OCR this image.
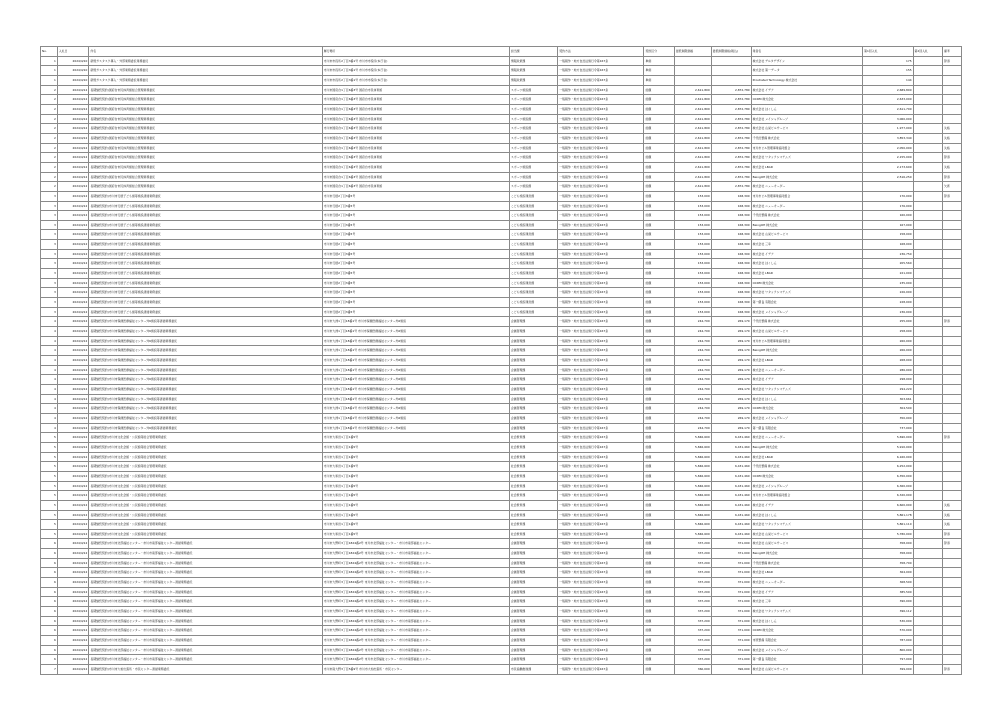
No.	入札日	件名	履行場所	担当課	契約方法	契約区分	最低制限価格	最低制限価格(税込)	業者名	第1回入札	第2回入札	備考
1	2024/4/10	新規ガスタスク導入・外部業務委託業務委託	市川市市役所2丁目3番1号 市川市市役所(本庁舎)	情報政策課	一般競争・地方自治法施行令第167条	単価			株式会社 デルタデザイン	175		辞退
1	2024/4/10	新規ガスタスク導入・外部業務委託業務委託	市川市市役所2丁目3番1号 市川市市役所(本庁舎)	情報政策課	一般競争・地方自治法施行令第167条	単価			株式会社 第一データ	155		
1	2024/4/10	新規ガスタスク導入・外部業務委託業務委託	市川市市役所2丁目3番1号 市川市市役所(本庁舎)	情報政策課	一般競争・地方自治法施行令第167条	単価			Prostrated Technology 株式会社	144		
2	2024/4/12	長期継続契約)国府台市民体育館総合管理業務委託	市川市国府台1丁目6番3号 国府台市民体育館	スポーツ施設課	一般競争・地方自治法施行令第167条	総額	2,611,800	2,872,780	株式会社 イデア	2,689,800		
2	2024/4/12	長期継続契約)国府台市民体育館総合管理業務委託	市川市国府台1丁目6番3号 国府台市民体育館	スポーツ施設課	一般競争・地方自治法施行令第167条	総額	2,611,800	2,872,780	OCRM 株式会社	2,633,000		
2	2024/4/12	長期継続契約)国府台市民体育館総合管理業務委託	市川市国府台1丁目6番3号 国府台市民体育館	スポーツ施設課	一般競争・地方自治法施行令第167条	総額	2,611,800	2,872,780	株式会社 ほくしん	2,611,700		
2	2024/4/12	長期継続契約)国府台市民体育館総合管理業務委託	市川市国府台1丁目6番3号 国府台市民体育館	スポーツ施設課	一般競争・地方自治法施行令第167条	総額	2,611,800	2,872,780	株式会社 メイシャグループ	3,060,000		
2	2024/4/12	長期継続契約)国府台市民体育館総合管理業務委託	市川市国府台1丁目6番3号 国府台市民体育館	スポーツ施設課	一般競争・地方自治法施行令第167条	総額	2,611,800	2,872,780	株式会社 山栄ビルサービス	1,977,000		失格
2	2024/4/12	長期継続契約)国府台市民体育館総合管理業務委託	市川市国府台1丁目6番3号 国府台市民体育館	スポーツ施設課	一般競争・地方自治法施行令第167条	総額	2,611,800	2,872,780	千代田整備 株式会社	3,853,340		失格
2	2024/4/12	長期継続契約)国府台市民体育館総合管理業務委託	市川市国府台1丁目6番3号 国府台市民体育館	スポーツ施設課	一般競争・地方自治法施行令第167条	総額	2,611,800	2,872,780	市川市ビル管理事業協同組合	2,050,000		失格
2	2024/4/12	長期継続契約)国府台市民体育館総合管理業務委託	市川市国府台1丁目6番3号 国府台市民体育館	スポーツ施設課	一般競争・地方自治法施行令第167条	総額	2,611,800	2,872,780	株式会社 ワタックシステムズ	2,155,000		辞退
2	2024/4/12	長期継続契約)国府台市民体育館総合管理業務委託	市川市国府台1丁目6番3号 国府台市民体育館	スポーツ施設課	一般競争・地方自治法施行令第167条	総額	2,611,800	2,872,780	株式会社 LBAD	2,173,600		失格
2	2024/4/12	長期継続契約)国府台市民体育館総合管理業務委託	市川市国府台1丁目6番3号 国府台市民体育館	スポーツ施設課	一般競争・地方自治法施行令第167条	総額	2,611,800	2,872,780	BeingOH 株式会社	2,516,250		辞退
2	2024/4/12	長期継続契約)国府台市民体育館総合管理業務委託	市川市国府台1丁目6番3号 国府台市民体育館	スポーツ施設課	一般競争・地方自治法施行令第167条	総額	2,611,800	2,872,780	株式会社 ニューオーダー			欠席
3	2024/4/12	長期継続契約)市川市行徳子ども館等施設清掃業務委託	市川市行徳2丁目3番5号	こども施設運営課	一般競争・地方自治法施行令第167条	総額	153,000	168,300	市川市ビル管理事業協同組合	170,000		辞退
3	2024/4/12	長期継続契約)市川市行徳子ども館等施設清掃業務委託	市川市行徳2丁目3番5号	こども施設運営課	一般競争・地方自治法施行令第167条	総額	153,000	168,300	株式会社 ニューオーダー	176,000		
3	2024/4/12	長期継続契約)市川市行徳子ども館等施設清掃業務委託	市川市行徳2丁目3番5号	こども施設運営課	一般競争・地方自治法施行令第167条	総額	153,000	168,300	千代田整備 株式会社	160,000		
3	2024/4/12	長期継続契約)市川市行徳子ども館等施設清掃業務委託	市川市行徳2丁目3番5号	こども施設運営課	一般競争・地方自治法施行令第167条	総額	153,000	168,300	BeingOH 株式会社	167,000		
3	2024/4/12	長期継続契約)市川市行徳子ども館等施設清掃業務委託	市川市行徳2丁目3番5号	こども施設運営課	一般競争・地方自治法施行令第167条	総額	153,000	168,300	株式会社 山栄ビルサービス	158,000		
3	2024/4/12	長期継続契約)市川市行徳子ども館等施設清掃業務委託	市川市行徳2丁目3番5号	こども施設運営課	一般競争・地方自治法施行令第167条	総額	153,000	168,300	株式会社 三幸	168,000		
3	2024/4/12	長期継続契約)市川市行徳子ども館等施設清掃業務委託	市川市行徳2丁目3番5号	こども施設運営課	一般競争・地方自治法施行令第167条	総額	153,000	168,300	株式会社 イデア	236,750		
3	2024/4/12	長期継続契約)市川市行徳子ども館等施設清掃業務委託	市川市行徳2丁目3番5号	こども施設運営課	一般競争・地方自治法施行令第167条	総額	153,000	168,300	株式会社 ほくしん	205,560		
3	2024/4/12	長期継続契約)市川市行徳子ども館等施設清掃業務委託	市川市行徳2丁目3番5号	こども施設運営課	一般競争・地方自治法施行令第167条	総額	153,000	168,300	株式会社 LBAD	221,000		
3	2024/4/12	長期継続契約)市川市行徳子ども館等施設清掃業務委託	市川市行徳2丁目3番5号	こども施設運営課	一般競争・地方自治法施行令第167条	総額	153,000	168,300	OCRM 株式会社	235,000		
3	2024/4/12	長期継続契約)市川市行徳子ども館等施設清掃業務委託	市川市行徳2丁目3番5号	こども施設運営課	一般競争・地方自治法施行令第167条	総額	153,000	168,300	株式会社 ワタックシステムズ	226,000		
3	2024/4/12	長期継続契約)市川市行徳子ども館等施設清掃業務委託	市川市行徳2丁目3番5号	こども施設運営課	一般競争・地方自治法施行令第167条	総額	153,000	168,300	第一優良 有限会社	228,000		
3	2024/4/12	長期継続契約)市川市行徳子ども館等施設清掃業務委託	市川市行徳2丁目3番5号	こども施設運営課	一般競争・地方自治法施行令第167条	総額	153,000	168,300	株式会社 メイシャグループ	236,000		
4	2024/4/12	長期継続契約)市川市保健医療福祉センター外6施設等清掃業務委託	市川市大洲1丁目18番1号 市川市保健医療福祉センター外6施設	企画管理課	一般競争・地方自治法施行令第167条	総額	244,700	269,170	千代田整備 株式会社	255,000		辞退
4	2024/4/12	長期継続契約)市川市保健医療福祉センター外6施設等清掃業務委託	市川市大洲1丁目18番1号 市川市保健医療福祉センター外6施設	企画管理課	一般競争・地方自治法施行令第167条	総額	244,700	269,170	株式会社 山栄ビルサービス	258,000		
4	2024/4/12	長期継続契約)市川市保健医療福祉センター外6施設等清掃業務委託	市川市大洲1丁目18番1号 市川市保健医療福祉センター外6施設	企画管理課	一般競争・地方自治法施行令第167条	総額	244,700	269,170	市川市ビル管理事業協同組合	260,000		
4	2024/4/12	長期継続契約)市川市保健医療福祉センター外6施設等清掃業務委託	市川市大洲1丁目18番1号 市川市保健医療福祉センター外6施設	企画管理課	一般競争・地方自治法施行令第167条	総額	244,700	269,170	BeingOH 株式会社	266,000		
4	2024/4/12	長期継続契約)市川市保健医療福祉センター外6施設等清掃業務委託	市川市大洲1丁目18番1号 市川市保健医療福祉センター外6施設	企画管理課	一般競争・地方自治法施行令第167条	総額	244,700	269,170	株式会社 LBAD	268,000		
4	2024/4/12	長期継続契約)市川市保健医療福祉センター外6施設等清掃業務委託	市川市大洲1丁目18番1号 市川市保健医療福祉センター外6施設	企画管理課	一般競争・地方自治法施行令第167条	総額	244,700	269,170	株式会社 ニューオーダー	286,000		
4	2024/4/12	長期継続契約)市川市保健医療福祉センター外6施設等清掃業務委託	市川市大洲1丁目18番1号 市川市保健医療福祉センター外6施設	企画管理課	一般競争・地方自治法施行令第167条	総額	244,700	269,170	株式会社 イデア	298,000		
4	2024/4/12	長期継続契約)市川市保健医療福祉センター外6施設等清掃業務委託	市川市大洲1丁目18番1号 市川市保健医療福祉センター外6施設	企画管理課	一般競争・地方自治法施行令第167条	総額	244,700	269,170	株式会社 ワタックシステムズ	294,220		
4	2024/4/12	長期継続契約)市川市保健医療福祉センター外6施設等清掃業務委託	市川市大洲1丁目18番1号 市川市保健医療福祉センター外6施設	企画管理課	一般競争・地方自治法施行令第167条	総額	244,700	269,170	株式会社 ほくしん	303,661		
4	2024/4/12	長期継続契約)市川市保健医療福祉センター外6施設等清掃業務委託	市川市大洲1丁目18番1号 市川市保健医療福祉センター外6施設	企画管理課	一般競争・地方自治法施行令第167条	総額	244,700	269,170	OCRM 株式会社	304,500		
4	2024/4/12	長期継続契約)市川市保健医療福祉センター外6施設等清掃業務委託	市川市大洲1丁目18番1号 市川市保健医療福祉センター外6施設	企画管理課	一般競争・地方自治法施行令第167条	総額	244,700	269,170	株式会社 メイシャグループ	350,000		
4	2024/4/12	長期継続契約)市川市保健医療福祉センター外6施設等清掃業務委託	市川市大洲1丁目18番1号 市川市保健医療福祉センター外6施設	企画管理課	一般競争・地方自治法施行令第167条	総額	244,700	269,170	第一優良 有限会社	737,000		
5	2024/4/12	長期継続契約)市川市文化会館・公民館等総合管理業務委託	市川市大和田1丁目1番5号	社会教育課	一般競争・地方自治法施行令第167条	総額	5,846,600	6,431,460	株式会社 ニューオーダー	5,690,000		辞退
5	2024/4/12	長期継続契約)市川市文化会館・公民館等総合管理業務委託	市川市大和田1丁目1番5号	社会教育課	一般競争・地方自治法施行令第167条	総額	5,846,600	6,431,460	BeingOH 株式会社	5,910,000		
5	2024/4/12	長期継続契約)市川市文化会館・公民館等総合管理業務委託	市川市大和田1丁目1番5号	社会教育課	一般競争・地方自治法施行令第167条	総額	5,846,600	6,431,460	株式会社 LBAD	6,160,000		
5	2024/4/12	長期継続契約)市川市文化会館・公民館等総合管理業務委託	市川市大和田1丁目1番5号	社会教育課	一般競争・地方自治法施行令第167条	総額	5,846,600	6,431,460	千代田整備 株式会社	6,252,000		
5	2024/4/12	長期継続契約)市川市文化会館・公民館等総合管理業務委託	市川市大和田1丁目1番5号	社会教育課	一般競争・地方自治法施行令第167条	総額	5,846,600	6,431,460	OCRM 株式会社	6,350,000		
5	2024/4/12	長期継続契約)市川市文化会館・公民館等総合管理業務委託	市川市大和田1丁目1番5号	社会教育課	一般競争・地方自治法施行令第167条	総額	5,846,600	6,431,460	株式会社 メイシャグループ	6,360,000		
5	2024/4/12	長期継続契約)市川市文化会館・公民館等総合管理業務委託	市川市大和田1丁目1番5号	社会教育課	一般競争・地方自治法施行令第167条	総額	5,846,600	6,431,460	市川市ビル管理事業協同組合	6,320,000		
5	2024/4/12	長期継続契約)市川市文化会館・公民館等総合管理業務委託	市川市大和田1丁目1番5号	社会教育課	一般競争・地方自治法施行令第167条	総額	5,846,600	6,431,460	株式会社 イデア	6,600,000		失格
5	2024/4/12	長期継続契約)市川市文化会館・公民館等総合管理業務委託	市川市大和田1丁目1番5号	社会教育課	一般競争・地方自治法施行令第167条	総額	5,846,600	6,431,460	株式会社 ほくしん	5,861,178		失格
5	2024/4/12	長期継続契約)市川市文化会館・公民館等総合管理業務委託	市川市大和田1丁目1番5号	社会教育課	一般競争・地方自治法施行令第167条	総額	5,846,600	6,431,460	株式会社 ワタックシステムズ	5,861,110		失格
5	2024/4/12	長期継続契約)市川市文化会館・公民館等総合管理業務委託	市川市大和田1丁目1番5号	社会教育課	一般競争・地方自治法施行令第167条	総額	5,846,600	6,431,460	株式会社 山栄ビルサービス	5,780,000		辞退
6	2024/4/12	長期継続契約)市川市北部福祉センター・市川市南部福祉センター清掃業務委託	市川市大野町3丁目1824番2号 市川市北部福祉センター・市川市南部福祉センター	企画管理課	一般競争・地方自治法施行令第167条	総額	337,200	371,000	株式会社 山栄ビルサービス	358,000		辞退
6	2024/4/12	長期継続契約)市川市北部福祉センター・市川市南部福祉センター清掃業務委託	市川市大野町3丁目1824番2号 市川市北部福祉センター・市川市南部福祉センター	企画管理課	一般競争・地方自治法施行令第167条	総額	337,200	371,000	BeingOH 株式会社	358,000		
6	2024/4/12	長期継続契約)市川市北部福祉センター・市川市南部福祉センター清掃業務委託	市川市大野町3丁目1824番2号 市川市北部福祉センター・市川市南部福祉センター	企画管理課	一般競争・地方自治法施行令第167条	総額	337,200	371,000	千代田整備 株式会社	358,700		
6	2024/4/12	長期継続契約)市川市北部福祉センター・市川市南部福祉センター清掃業務委託	市川市大野町3丁目1824番2号 市川市北部福祉センター・市川市南部福祉センター	企画管理課	一般競争・地方自治法施行令第167条	総額	337,200	371,000	株式会社 LBAD	364,000		
6	2024/4/12	長期継続契約)市川市北部福祉センター・市川市南部福祉センター清掃業務委託	市川市大野町3丁目1824番2号 市川市北部福祉センター・市川市南部福祉センター	企画管理課	一般競争・地方自治法施行令第167条	総額	337,200	371,000	株式会社 ニューオーダー	368,500		
6	2024/4/12	長期継続契約)市川市北部福祉センター・市川市南部福祉センター清掃業務委託	市川市大野町3丁目1824番2号 市川市北部福祉センター・市川市南部福祉センター	企画管理課	一般競争・地方自治法施行令第167条	総額	337,200	371,000	株式会社 イデア	385,500		
6	2024/4/12	長期継続契約)市川市北部福祉センター・市川市南部福祉センター清掃業務委託	市川市大野町3丁目1824番2号 市川市北部福祉センター・市川市南部福祉センター	企画管理課	一般競争・地方自治法施行令第167条	総額	337,200	371,000	株式会社 三幸	390,000		
6	2024/4/12	長期継続契約)市川市北部福祉センター・市川市南部福祉センター清掃業務委託	市川市大野町3丁目1824番2号 市川市北部福祉センター・市川市南部福祉センター	企画管理課	一般競争・地方自治法施行令第167条	総額	337,200	371,000	株式会社 ワタックシステムズ	396,112		
6	2024/4/12	長期継続契約)市川市北部福祉センター・市川市南部福祉センター清掃業務委託	市川市大野町3丁目1824番2号 市川市北部福祉センター・市川市南部福祉センター	企画管理課	一般競争・地方自治法施行令第167条	総額	337,200	371,000	株式会社 ほくしん	530,000		
6	2024/4/12	長期継続契約)市川市北部福祉センター・市川市南部福祉センター清掃業務委託	市川市大野町3丁目1824番2号 市川市北部福祉センター・市川市南部福祉センター	企画管理課	一般競争・地方自治法施行令第167条	総額	337,200	371,000	OCRM 株式会社	570,000		
6	2024/4/12	長期継続契約)市川市北部福祉センター・市川市南部福祉センター清掃業務委託	市川市大野町3丁目1824番2号 市川市北部福祉センター・市川市南部福祉センター	企画管理課	一般競争・地方自治法施行令第167条	総額	337,200	371,000	市原整備 有限会社	787,000		
6	2024/4/12	長期継続契約)市川市北部福祉センター・市川市南部福祉センター清掃業務委託	市川市大野町3丁目1824番2号 市川市北部福祉センター・市川市南部福祉センター	企画管理課	一般競争・地方自治法施行令第167条	総額	337,200	371,000	株式会社 メイシャグループ	800,000		
6	2024/4/12	長期継続契約)市川市北部福祉センター・市川市南部福祉センター清掃業務委託	市川市大野町3丁目1824番2号 市川市北部福祉センター・市川市南部福祉センター	企画管理課	一般競争・地方自治法施行令第167条	総額	337,200	371,000	第一優良 有限会社	797,000		
7	2024/4/12	長期継続契約)市川市大柏出張所・市民センター清掃業務委託	市川市南大野3丁目5番9号 市川市大柏出張所・市民センター	市民協働推進課	一般競争・地方自治法施行令第167条	総額	360,000	396,000	株式会社 山栄ビルサービス	399,000		辞退
